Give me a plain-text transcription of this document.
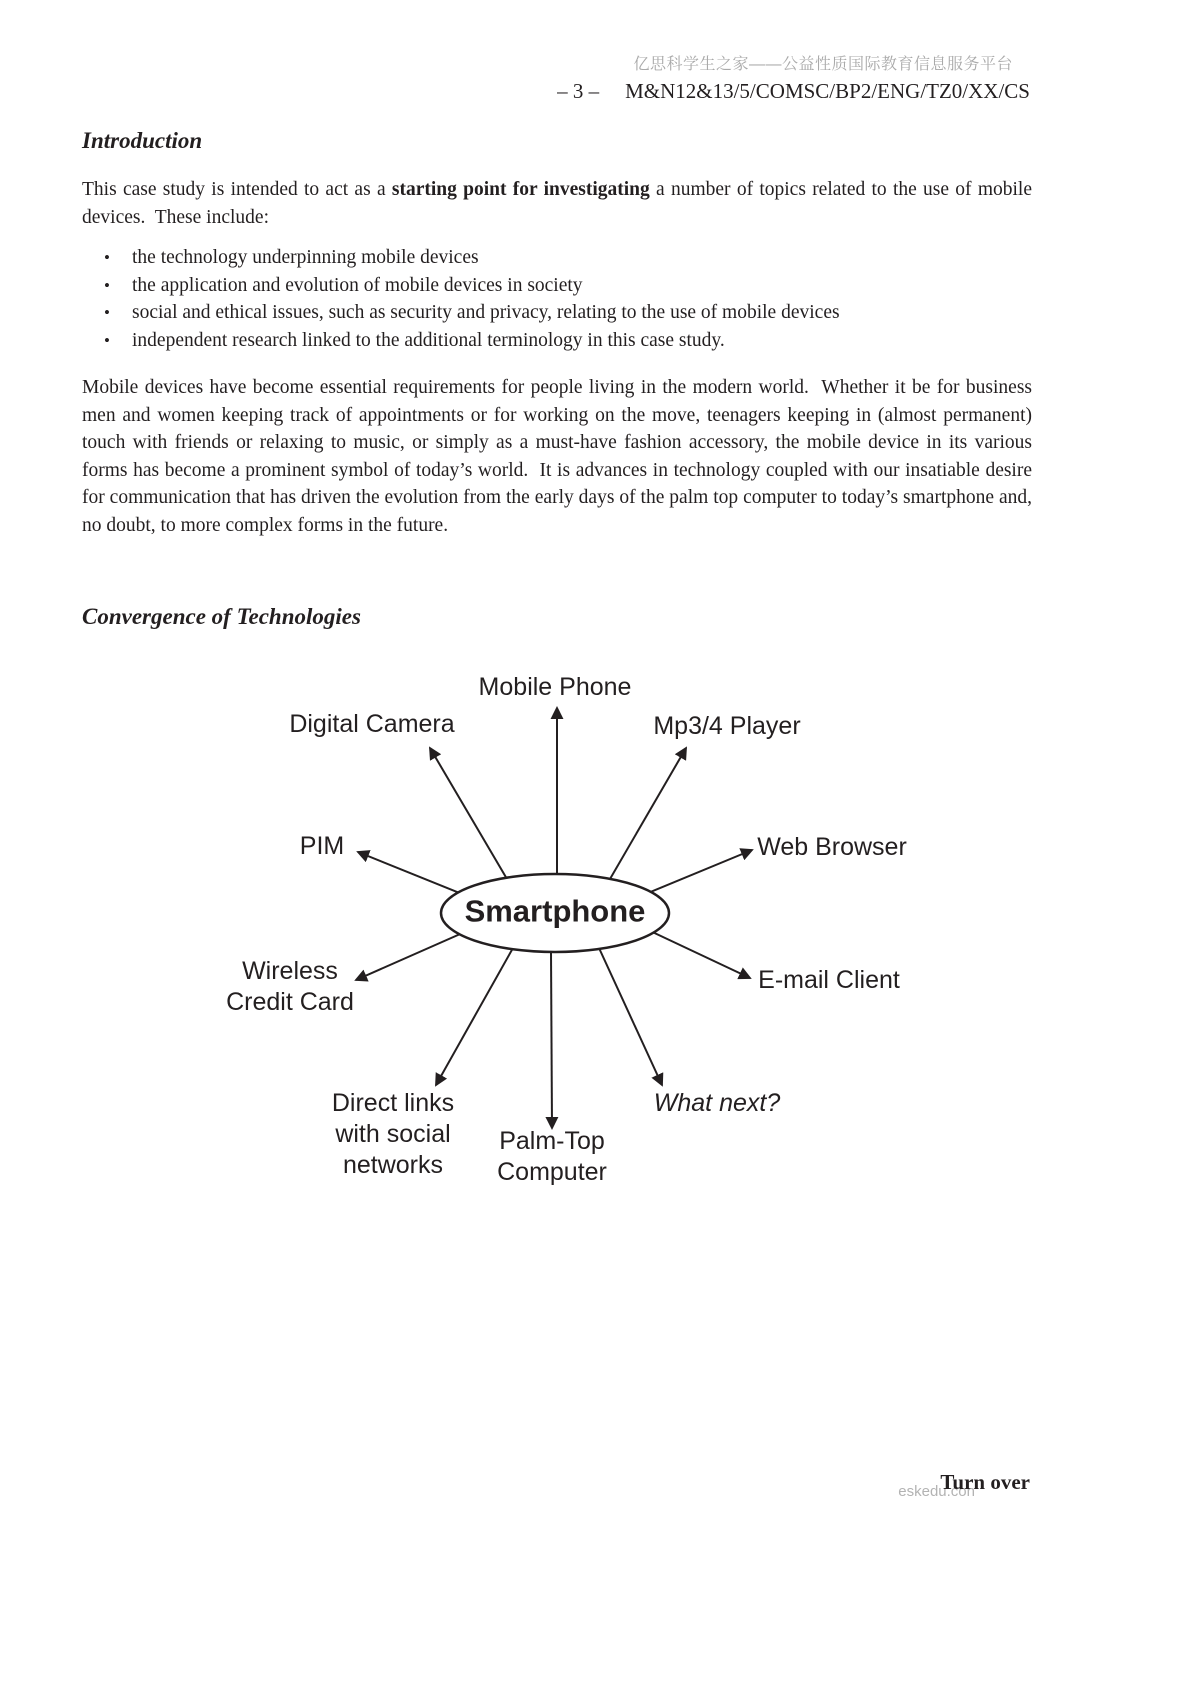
亿思科学生之家——公益性质国际教育信息服务平台
– 3 – M&N12&13/5/COMSC/BP2/ENG/TZ0/XX/CS
Introduction
This case study is intended to act as a starting point for investigating a number of topics related to the use of mobile devices.  These include:
• the technology underpinning mobile devices
• the application and evolution of mobile devices in society
• social and ethical issues, such as security and privacy, relating to the use of mobile devices
• independent research linked to the additional terminology in this case study.
Mobile devices have become essential requirements for people living in the modern world.  Whether it be for business men and women keeping track of appointments or for working on the move, teenagers keeping in (almost permanent) touch with friends or relaxing to music, or simply as a must-have fashion accessory, the mobile device in its various forms has become a prominent symbol of today’s world.  It is advances in technology coupled with our insatiable desire for communication that has driven the evolution from the early days of the palm top computer to today’s smartphone and, no doubt, to more complex forms in the future.
Convergence of Technologies
Smartphone
Mobile Phone
Digital Camera	Mp3/4 Player
PIM	Web Browser
Wireless
Credit Card
E-mail Client
Direct links
with social
networks
Palm-Top
Computer
What next?
eskedu.con
Turn over
